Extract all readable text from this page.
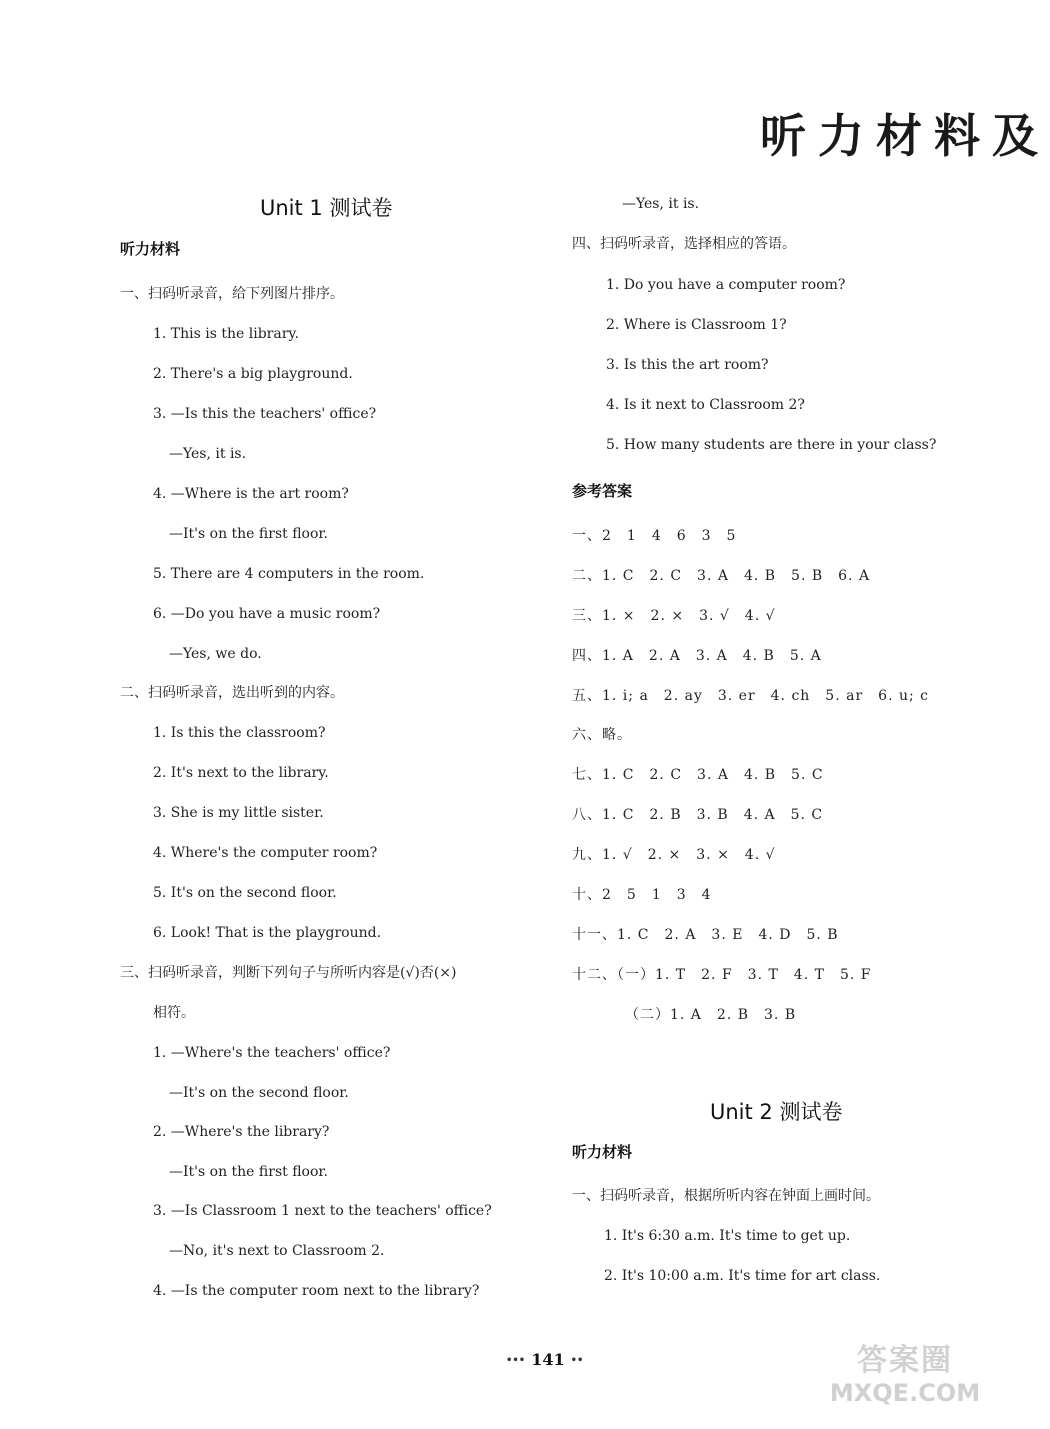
听力材料及
Unit 1 测试卷
听力材料
一、扫码听录音，给下列图片排序。
1. This is the library.
2. There's a big playground.
3. —Is this the teachers' office?
—Yes, it is.
4. —Where is the art room?
—It's on the first floor.
5. There are 4 computers in the room.
6. —Do you have a music room?
—Yes, we do.
二、扫码听录音，选出听到的内容。
1. Is this the classroom?
2. It's next to the library.
3. She is my little sister.
4. Where's the computer room?
5. It's on the second floor.
6. Look! That is the playground.
三、扫码听录音，判断下列句子与所听内容是(√)否(×)
相符。
1. —Where's the teachers' office?
—It's on the second floor.
2. —Where's the library?
—It's on the first floor.
3. —Is Classroom 1 next to the teachers' office?
—No, it's next to Classroom 2.
4. —Is the computer room next to the library?
—Yes, it is.
四、扫码听录音，选择相应的答语。
1. Do you have a computer room?
2. Where is Classroom 1?
3. Is this the art room?
4. Is it next to Classroom 2?
5. How many students are there in your class?
参考答案
一、2　1　4　6　3　5
二、1. C　2. C　3. A　4. B　5. B　6. A
三、1. ×　2. ×　3. √　4. √
四、1. A　2. A　3. A　4. B　5. A
五、1. i; a　2. ay　3. er　4. ch　5. ar　6. u; c
六、略。
七、1. C　2. C　3. A　4. B　5. C
八、1. C　2. B　3. B　4. A　5. C
九、1. √　2. ×　3. ×　4. √
十、2　5　1　3　4
十一、1. C　2. A　3. E　4. D　5. B
十二、（一）1. T　2. F　3. T　4. T　5. F
（二）1. A　2. B　3. B
Unit 2 测试卷
听力材料
一、扫码听录音，根据所听内容在钟面上画时间。
1. It's 6:30 a.m. It's time to get up.
2. It's 10:00 a.m. It's time for art class.
••• 141 ••	答案圈
MXQE.COM
